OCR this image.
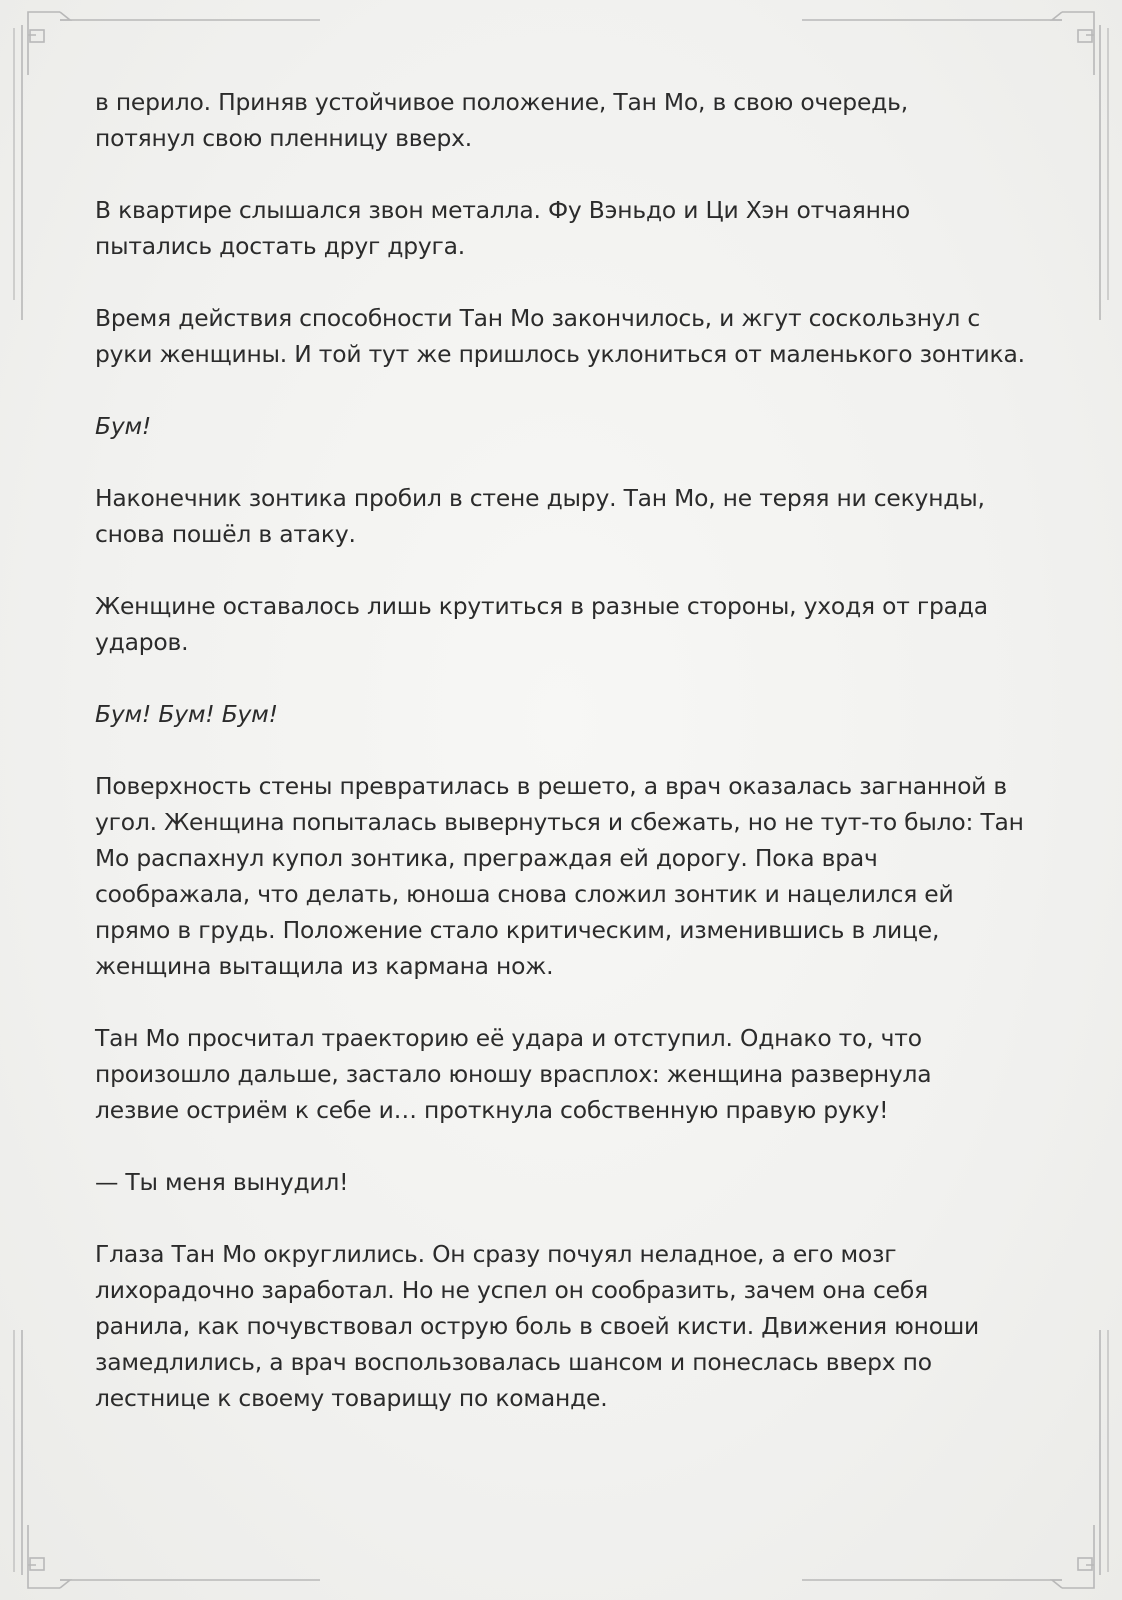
в перило. Приняв устойчивое положение, Тан Мо, в свою очередь,
потянул свою пленницу вверх.

В квартире слышался звон металла. Фу Вэньдо и Ци Хэн отчаянно
пытались достать друг друга.

Время действия способности Тан Мо закончилось, и жгут соскользнул с
руки женщины. И той тут же пришлось уклониться от маленького зонтика.

Бум!

Наконечник зонтика пробил в стене дыру. Тан Мо, не теряя ни секунды,
снова пошёл в атаку.

Женщине оставалось лишь крутиться в разные стороны, уходя от града
ударов.

Бум! Бум! Бум!

Поверхность стены превратилась в решето, а врач оказалась загнанной в
угол. Женщина попыталась вывернуться и сбежать, но не тут-то было: Тан
Мо распахнул купол зонтика, преграждая ей дорогу. Пока врач
соображала, что делать, юноша снова сложил зонтик и нацелился ей
прямо в грудь. Положение стало критическим, изменившись в лице,
женщина вытащила из кармана нож.

Тан Мо просчитал траекторию её удара и отступил. Однако то, что
произошло дальше, застало юношу врасплох: женщина развернула
лезвие остриём к себе и… проткнула собственную правую руку!

— Ты меня вынудил!

Глаза Тан Мо округлились. Он сразу почуял неладное, а его мозг
лихорадочно заработал. Но не успел он сообразить, зачем она себя
ранила, как почувствовал острую боль в своей кисти. Движения юноши
замедлились, а врач воспользовалась шансом и понеслась вверх по
лестнице к своему товарищу по команде.
